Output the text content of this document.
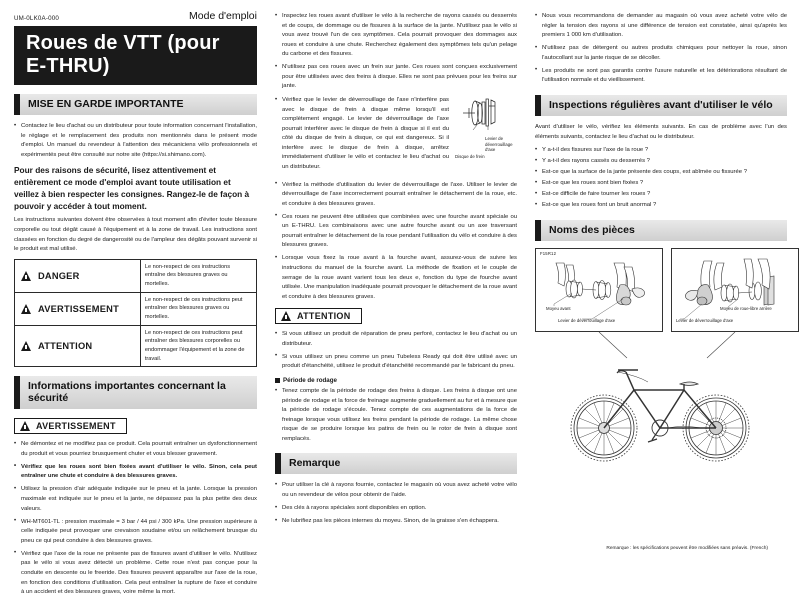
UM-0LK0A-000	Mode d'emploi
Roues de VTT (pour E-THRU)
MISE EN GARDE IMPORTANTE
• Contactez le lieu d'achat ou un distributeur pour toute information concernant l'installation, le réglage et le remplacement des produits non mentionnés dans le présent mode d'emploi. Un manuel du revendeur à l'attention des mécaniciens vélo professionnels et expérimentés peut être consulté sur notre site (https://si.shimano.com).

Pour des raisons de sécurité, lisez attentivement et entièrement ce mode d'emploi avant toute utilisation et veillez à bien respecter les consignes. Rangez-le de façon à pouvoir y accéder à tout moment.

Les instructions suivantes doivent être observées à tout moment afin d'éviter toute blessure corporelle ou tout dégât causé à l'équipement et à la zone de travail. Les instructions sont classées en fonction du degré de dangerosité ou de l'ampleur des dégâts pouvant survenir si le produit est mal utilisé.

DANGER	Le non-respect de ces instructions entraîne des blessures graves ou mortelles.

AVERTISSEMENT	Le non-respect de ces instructions peut entraîner des blessures graves ou mortelles.

ATTENTION	Le non-respect de ces instructions peut entraîner des blessures corporelles ou endommager l'équipement et la zone de travail.
Informations importantes concernant la sécurité
AVERTISSEMENT
• Ne démontez et ne modifiez pas ce produit. Cela pourrait entraîner un dysfonctionnement du produit et vous pourriez brusquement chuter et vous blesser gravement.
• Vérifiez que les roues sont bien fixées avant d'utiliser le vélo. Sinon, cela peut entraîner une chute et conduire à des blessures graves.
• Utilisez la pression d'air adéquate indiquée sur le pneu et la jante. Lorsque la pression maximale est indiquée sur le pneu et la jante, ne dépassez pas la plus petite des deux valeurs.
• WH-MT601-TL : pression maximale = 3 bar / 44 psi / 300 kPa. Une pression supérieure à celle indiquée peut provoquer une crevaison soudaine et/ou un relâchement brusque du pneu ce qui peut conduire à des blessures graves.
• Vérifiez que l'axe de la roue ne présente pas de fissures avant d'utiliser le vélo. N'utilisez pas le vélo si vous avez détecté un problème. Cette roue n'est pas conçue pour la conduite en descente ou le freeride. Des fissures peuvent apparaître sur l'axe de la roue, en fonction des conditions d'utilisation. Cela peut entraîner la rupture de l'axe et conduire à un accident et des blessures graves, voire même la mort.
• Inspectez les roues avant d'utiliser le vélo à la recherche de rayons cassés ou desserrés et de coups, de dommage ou de fissures à la surface de la jante. N'utilisez pas le vélo si vous avez trouvé l'un de ces symptômes. Cela pourrait provoquer des dommages aux roues et conduire à une chute. Recherchez également des symptômes tels qu'un pelage du carbone et des fissures.
• N'utilisez pas ces roues avec un frein sur jante. Ces roues sont conçues exclusivement pour être utilisées avec des freins à disque. Elles ne sont pas prévues pour les freins sur jante.
Levier de déverrouillage d'axe
Disque de frein
• Vérifiez que le levier de déverrouillage de l'axe n'interfère pas avec le disque de frein à disque même lorsqu'il est complètement engagé. Le levier de déverrouillage de l'axe pourrait interférer avec le disque de frein à disque si il est du côté du disque de frein à disque, ce qui est dangereux. Si il interfère avec le disque de frein à disque, arrêtez immédiatement d'utiliser le vélo et contactez le lieu d'achat ou un distributeur.
• Vérifiez la méthode d'utilisation du levier de déverrouillage de l'axe. Utiliser le levier de déverrouillage de l'axe incorrectement pourrait entraîner le détachement de la roue, etc. et conduire à des blessures graves.
• Ces roues ne peuvent être utilisées que combinées avec une fourche avant spéciale ou un E-THRU. Les combinaisons avec une autre fourche avant ou un axe traversant pourrait entraîner le détachement de la roue pendant l'utilisation du vélo et conduire à des blessures graves.
• Lorsque vous fixez la roue avant à la fourche avant, assurez-vous de suivre les instructions du manuel de la fourche avant. La méthode de fixation et le couple de serrage de la roue avant varient tous les deux e, fonction du type de fourche avant utilisée. Une manipulation inadéquate pourrait provoquer le détachement de la roue avant et conduire à des blessures graves.
ATTENTION
• Si vous utilisez un produit de réparation de pneu perforé, contactez le lieu d'achat ou un distributeur.
• Si vous utilisez un pneu comme un pneu Tubeless Ready qui doit être utilisé avec un produit d'étanchéité, utilisez le produit d'étanchéité recommandé par le fabricant du pneu.
Période de rodage
• Tenez compte de la période de rodage des freins à disque. Les freins à disque ont une période de rodage et la force de freinage augmente graduellement au fur et à mesure que la période de rodage s'écoule. Tenez compte de ces augmentations de la force de freinage lorsque vous utilisez les freins pendant la période de rodage. La même chose risque de se produire lorsque les patins de frein ou le rotor de frein à disque sont remplacés.
Remarque
• Pour utiliser la clé à rayons fournie, contactez le magasin où vous avez acheté votre vélo ou un revendeur de vélos pour obtenir de l'aide.
• Des clés à rayons spéciales sont disponibles en option.
• Ne lubrifiez pas les pièces internes du moyeu. Sinon, de la graisse s'en échappera.
• Nous vous recommandons de demander au magasin où vous avez acheté votre vélo de régler la tension des rayons si une différence de tension est constatée, ainsi qu'après les premiers 1 000 km d'utilisation.
• N'utilisez pas de détergent ou autres produits chimiques pour nettoyer la roue, sinon l'autocollant sur la jante risque de se décoller.
• Les produits ne sont pas garantis contre l'usure naturelle et les détériorations résultant de l'utilisation normale et du vieillissement.
Inspections régulières avant d'utiliser le vélo

Avant d'utiliser le vélo, vérifiez les éléments suivants. En cas de problème avec l'un des éléments suivants, contactez le lieu d'achat ou le distributeur.

• Y a-t-il des fissures sur l'axe de la roue ?
• Y a-t-il des rayons cassés ou desserrés ?
• Est-ce que la surface de la jante présente des coups, est abîmée ou fissurée ?
• Est-ce que les roues sont bien fixées ?
• Est-ce difficile de faire tourner les roues ?
• Est-ce que les roues font un bruit anormal ?
Noms des pièces
F15R12
Moyeu avant
Levier de déverrouillage d'axe
Moyeu de roue-libre arrière
Levier de déverrouillage d'axe
Remarque : les spécifications peuvent être modifiées sans préavis. (French)
